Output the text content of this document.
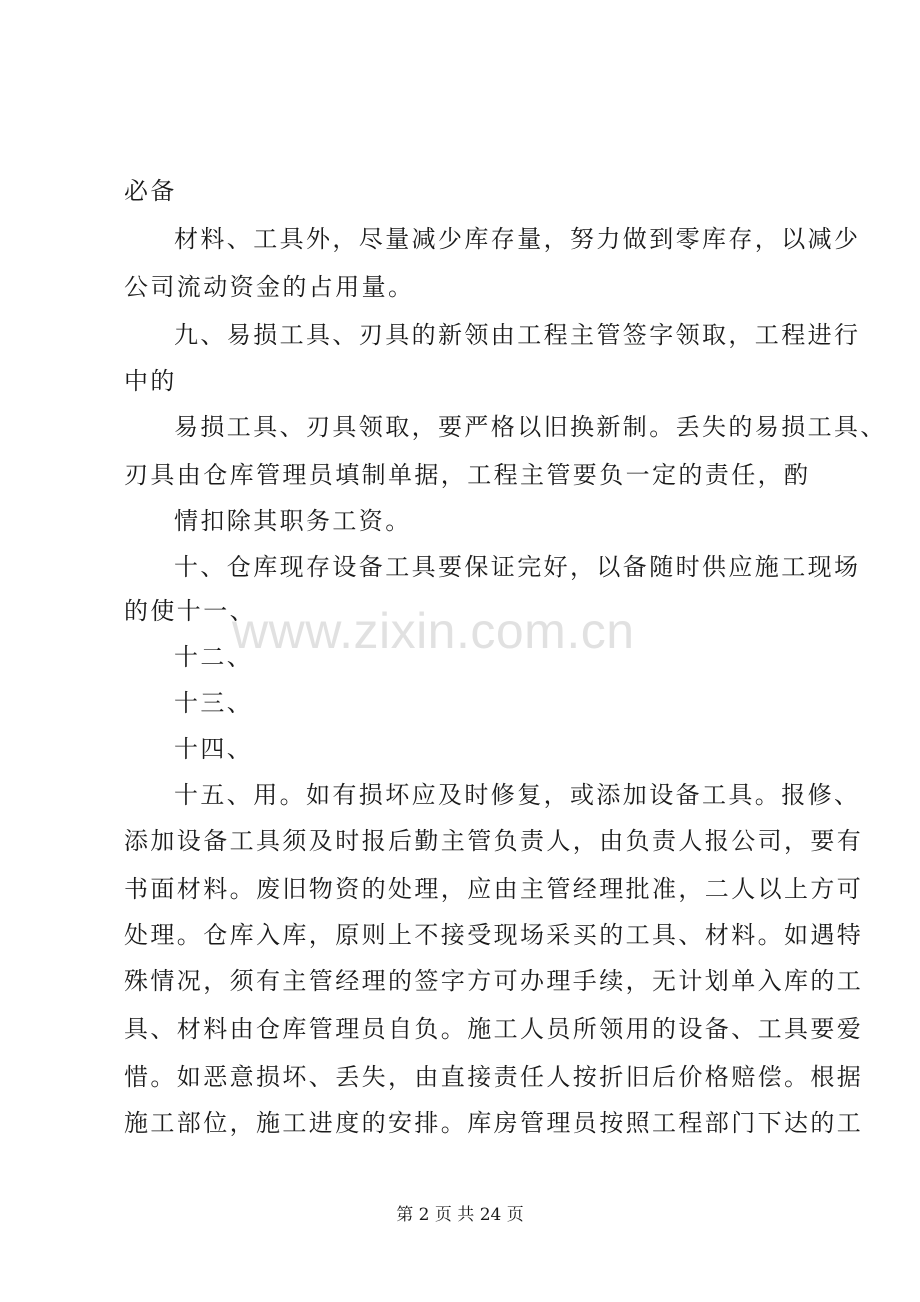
必备
材料、工具外，尽量减少库存量，努力做到零库存，以减少
公司流动资金的占用量。
九、易损工具、刃具的新领由工程主管签字领取，工程进行
中的
易损工具、刃具领取，要严格以旧换新制。丢失的易损工具、
刃具由仓库管理员填制单据，工程主管要负一定的责任，酌
情扣除其职务工资。
十、仓库现存设备工具要保证完好，以备随时供应施工现场
的使十一、
十二、
十三、
十四、
十五、用。如有损坏应及时修复，或添加设备工具。报修、
添加设备工具须及时报后勤主管负责人，由负责人报公司，要有
书面材料。废旧物资的处理，应由主管经理批准，二人以上方可
处理。仓库入库，原则上不接受现场采买的工具、材料。如遇特
殊情况，须有主管经理的签字方可办理手续，无计划单入库的工
具、材料由仓库管理员自负。施工人员所领用的设备、工具要爱
惜。如恶意损坏、丢失，由直接责任人按折旧后价格赔偿。根据
施工部位，施工进度的安排。库房管理员按照工程部门下达的工
www.zixin.com.cn
第 2 页 共 24 页
